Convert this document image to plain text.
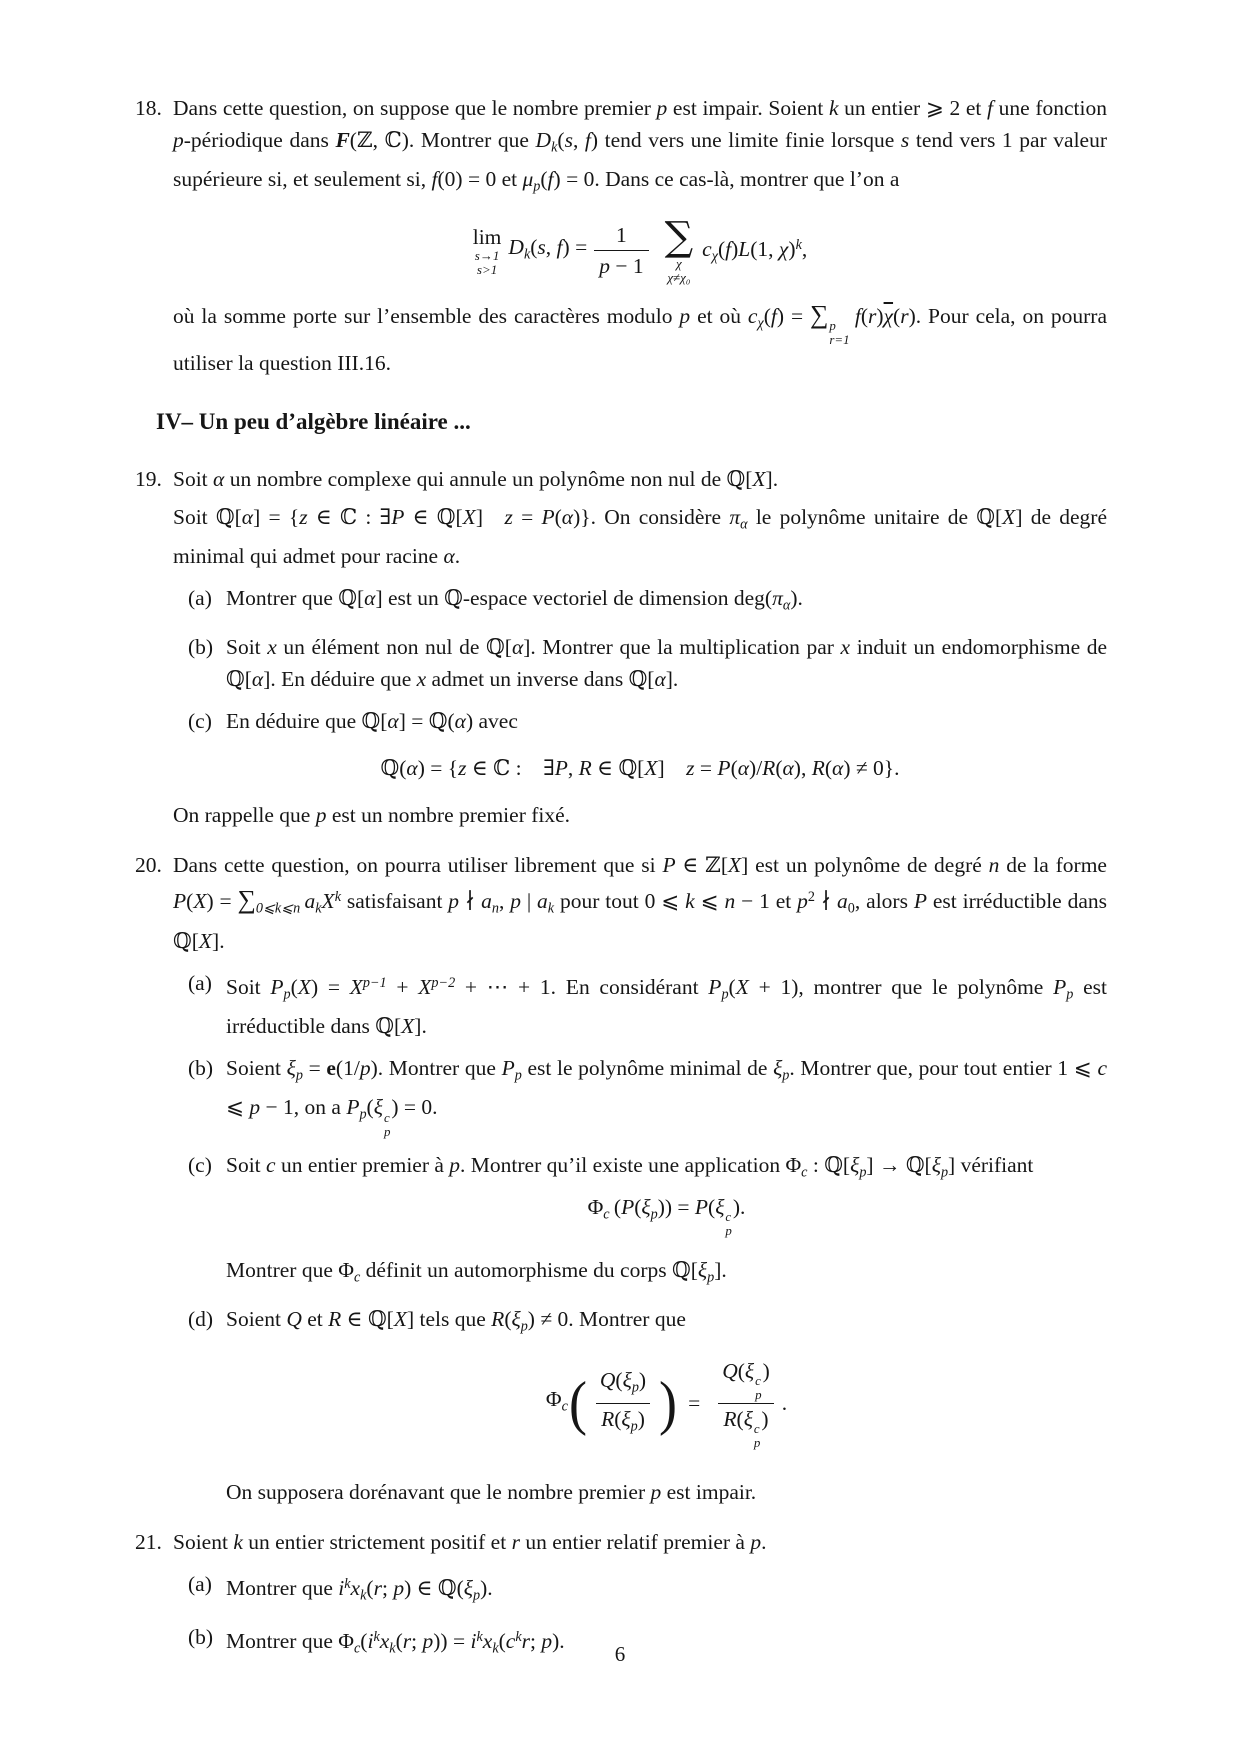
18. Dans cette question, on suppose que le nombre premier p est impair. Soient k un entier ⩾ 2 et f une fonction p-périodique dans F(ℤ, ℂ). Montrer que Dk(s, f) tend vers une limite finie lorsque s tend vers 1 par valeur supérieure si, et seulement si, f(0) = 0 et μp(f) = 0. Dans ce cas-là, montrer que l’on a

lim
s→1
s>1
Dk(s, $f) = \frac{1}{p - 1}$ ∑
χ
χ≠χ₀
cχ(f)L(1, χ)$^k$,

où la somme porte sur l’ensemble des caractères modulo p et où cχ(f) = ∑ p
r=1
 $f(r)\overline{\chi}(r)$. Pour cela, on pourra utiliser la question III.16.

IV– Un peu d’algèbre linéaire ...
19. Soit α un nombre complexe qui annule un polynôme non nul de ℚ[X].

Soit ℚ[α] = {z ∈ ℂ : ∃P ∈ ℚ[X] z = P(α)}. On considère πα le polynôme unitaire de ℚ[X] de degré minimal qui admet pour racine α.

(a) Montrer que ℚ[α] est un ℚ-espace vectoriel de dimension deg(πα).
(b) Soit x un élément non nul de ℚ[α]. Montrer que la multiplication par x induit un endomorphisme de ℚ[α]. En déduire que x admet un inverse dans ℚ[α].
(c) En déduire que ℚ[α] = ℚ(α) avec

ℚ(α) = {z ∈ ℂ : ∃P, R ∈ ℚ[X] z = P(α)/R(α), R(α) ≠ 0}.

On rappelle que p est un nombre premier fixé.

20. Dans cette question, on pourra utiliser librement que si P ∈ ℤ[X] est un polynôme de degré n de la forme P(X) = ∑0⩽k⩽n  akX$^k$ satisfaisant p ∤ an, p | ak pour tout 0 ⩽ k ⩽ n − 1 et $p^2$ ∤ a0, alors P est irréductible dans ℚ[X].

(a) Soit $Pp(X) = X^{p-1} + X^{p-2}$ + ⋯ + 1. En considérant Pp(X + 1), montrer que le polynôme Pp est irréductible dans ℚ[X].
(b) Soient ξp = e(1/p). Montrer que Pp est le polynôme minimal de ξp. Montrer que, pour tout entier 1 ⩽ c ⩽ p − 1, on a Pp(ξ c
p
) = 0.
(c) Soit c un entier premier à p. Montrer qu’il existe une application Φc : ℚ[ξp] → ℚ[ξp] vérifiant

Φc (P(ξp)) = P(ξ c
p
).

Montrer que Φc définit un automorphisme du corps ℚ[ξp].

(d) Soient Q et R ∈ ℚ[X] tels que R(ξp) ≠ 0. Montrer que

Φc ( $\frac{Q(\xi p)}{R(\xi p)}$ ) = Q(ξ c
p
)
R(ξ c
p
) .

On supposera dorénavant que le nombre premier p est impair.

21. Soient k un entier strictement positif et r un entier relatif premier à p.

(a) Montrer que $i^kxk(r$; p) ∈ ℚ(ξp).
(b) Montrer que $\Phi c(i^kxk(r$; $p)) = i^kxk(c^kr$; p).
6
